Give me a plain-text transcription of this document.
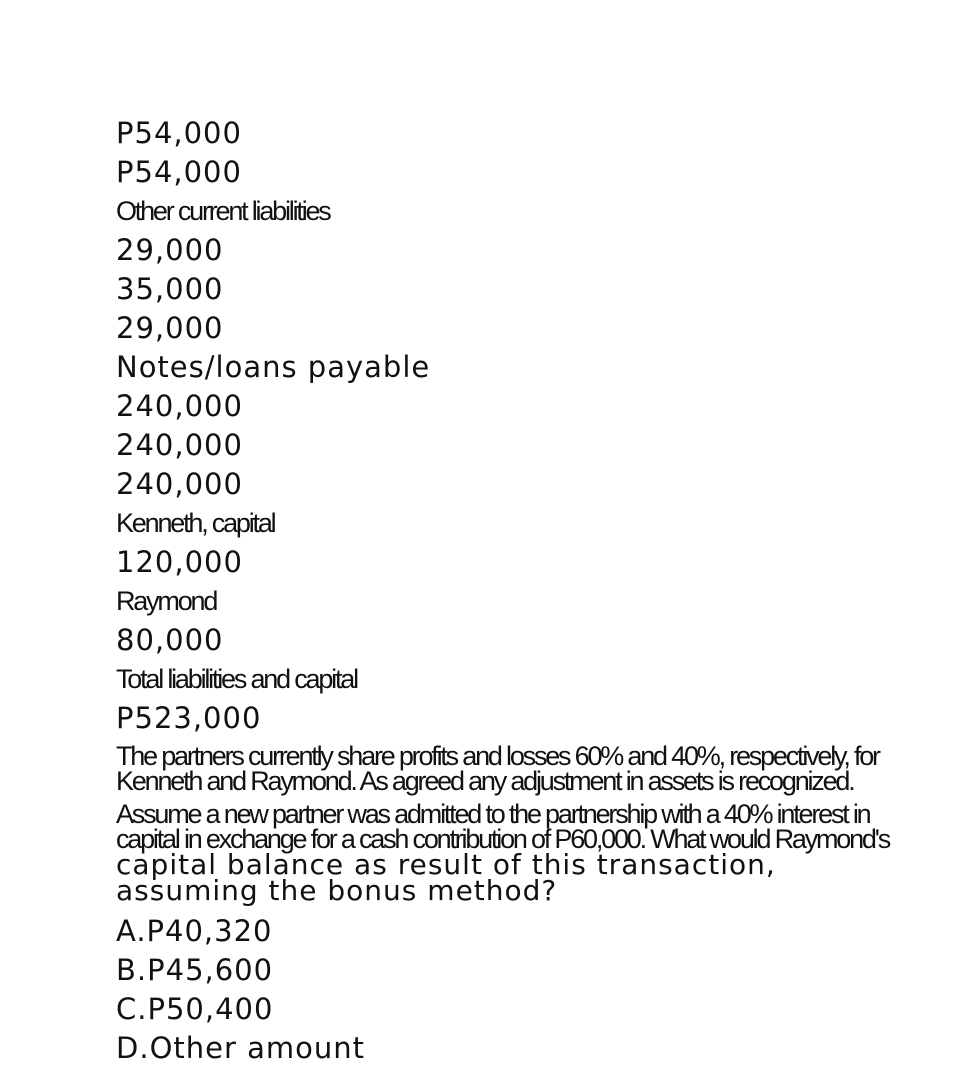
P54,000
P54,000
Other current liabilities
29,000
35,000
29,000
Notes/loans payable
240,000
240,000
240,000
Kenneth, capital
120,000
Raymond
80,000
Total liabilities and capital
P523,000
The partners currently share profits and losses 60% and 40%, respectively, for Kenneth and Raymond. As agreed any adjustment in assets is recognized.
Assume a new partner was admitted to the partnership with a 40% interest in capital in exchange for a cash contribution of P60,000. What would Raymond's
capital balance as result of this transaction, assuming the bonus method?
A.P40,320
B.P45,600
C.P50,400
D.Other amount
